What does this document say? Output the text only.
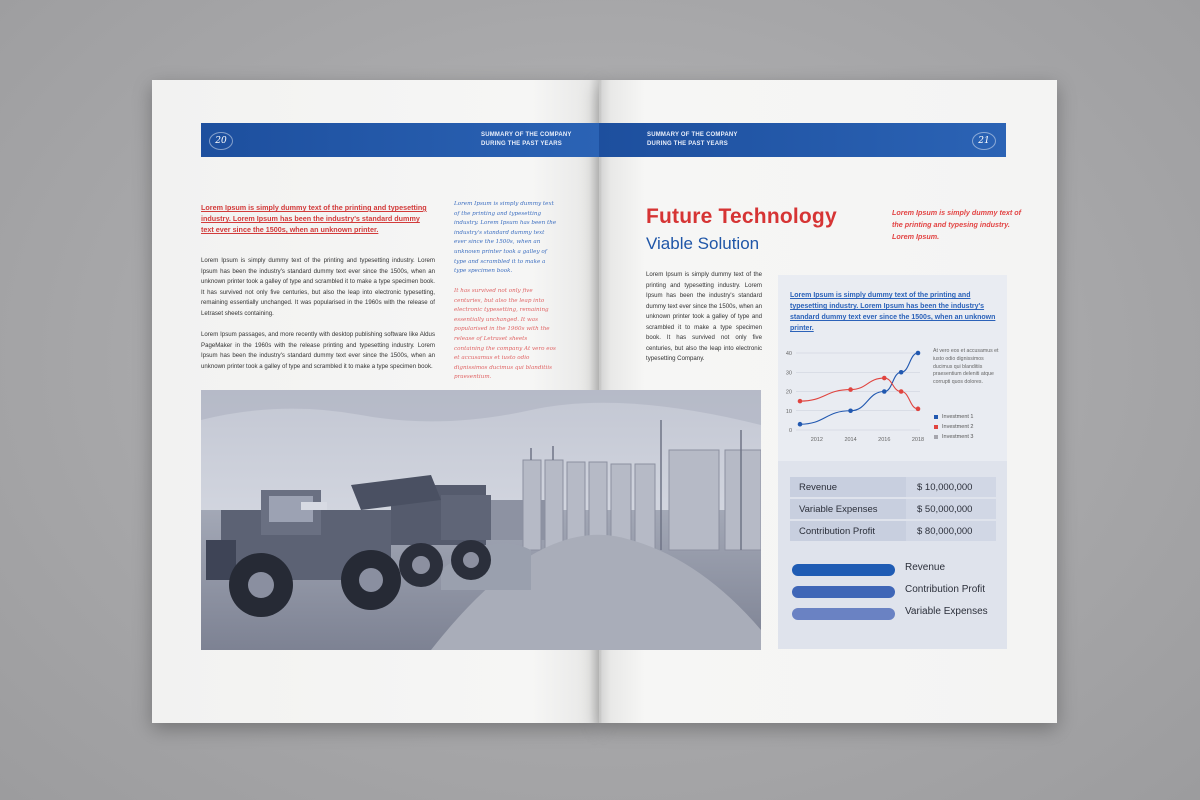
20
SUMMARY OF THE COMPANY
DURING THE PAST YEARS
SUMMARY OF THE COMPANY
DURING THE PAST YEARS	21
Lorem Ipsum is simply dummy text of the printing and typesetting industry. Lorem Ipsum has been the industry's standard dummy text ever since the 1500s, when an unknown printer.
Lorem Ipsum is simply dummy text of the printing and typesetting industry. Lorem Ipsum has been the industry's standard dummy text ever since the 1500s, when an unknown printer took a galley of type and scrambled it to make a type specimen book. It has survived not only five centuries, but also the leap into electronic typesetting, remaining essentially unchanged. It was popularised in the 1960s with the release of Letraset sheets containing.
Lorem Ipsum passages, and more recently with desktop publishing software like Aldus PageMaker in the 1960s with the release printing and typesetting industry. Lorem Ipsum has been the industry's standard dummy text ever since the 1500s, when an unknown printer took a galley of type and scrambled it to make a type specimen book.
Lorem Ipsum is simply dummy text of the printing and typesetting industry. Lorem Ipsum has been the industry's standard dummy text ever since the 1500s, when an unknown printer took a galley of type and scrambled it to make a type specimen book.
It has survived not only five centuries, but also the leap into electronic typesetting, remaining essentially unchanged. It was popularised in the 1960s with the release of Letraset sheets containing the company At vero eos et accusamus et iusto odio dignissimos ducimus qui blanditiis praesentium.
Future Technology
Viable Solution
Lorem Ipsum is simply dummy text of the printing and typesing industry. Lorem Ipsum.
Lorem Ipsum is simply dummy text of the printing and typesetting industry. Lorem Ipsum has been the industry's standard dummy text ever since the 1500s, when an unknown printer took a galley of type and scrambled it to make a type specimen book. It has survived not only five centuries, but also the leap into electronic typesetting Company.
Lorem Ipsum is simply dummy text of the printing and typesetting industry. Lorem Ipsum has been the industry's standard dummy text ever since the 1500s, when an unknown printer.
0
10
20
30
40
2012	2014	2016	2018
At vero eos et accusamus et iusto odio dignissimos ducimus qui blanditiis praesentium deleniti atque corrupti quos dolores.
Investment 1
Investment 2
Investment 3
Revenue	$ 10,000,000
Variable Expenses	$ 50,000,000
Contribution Profit	$ 80,000,000
Revenue
Contribution Profit
Variable Expenses
